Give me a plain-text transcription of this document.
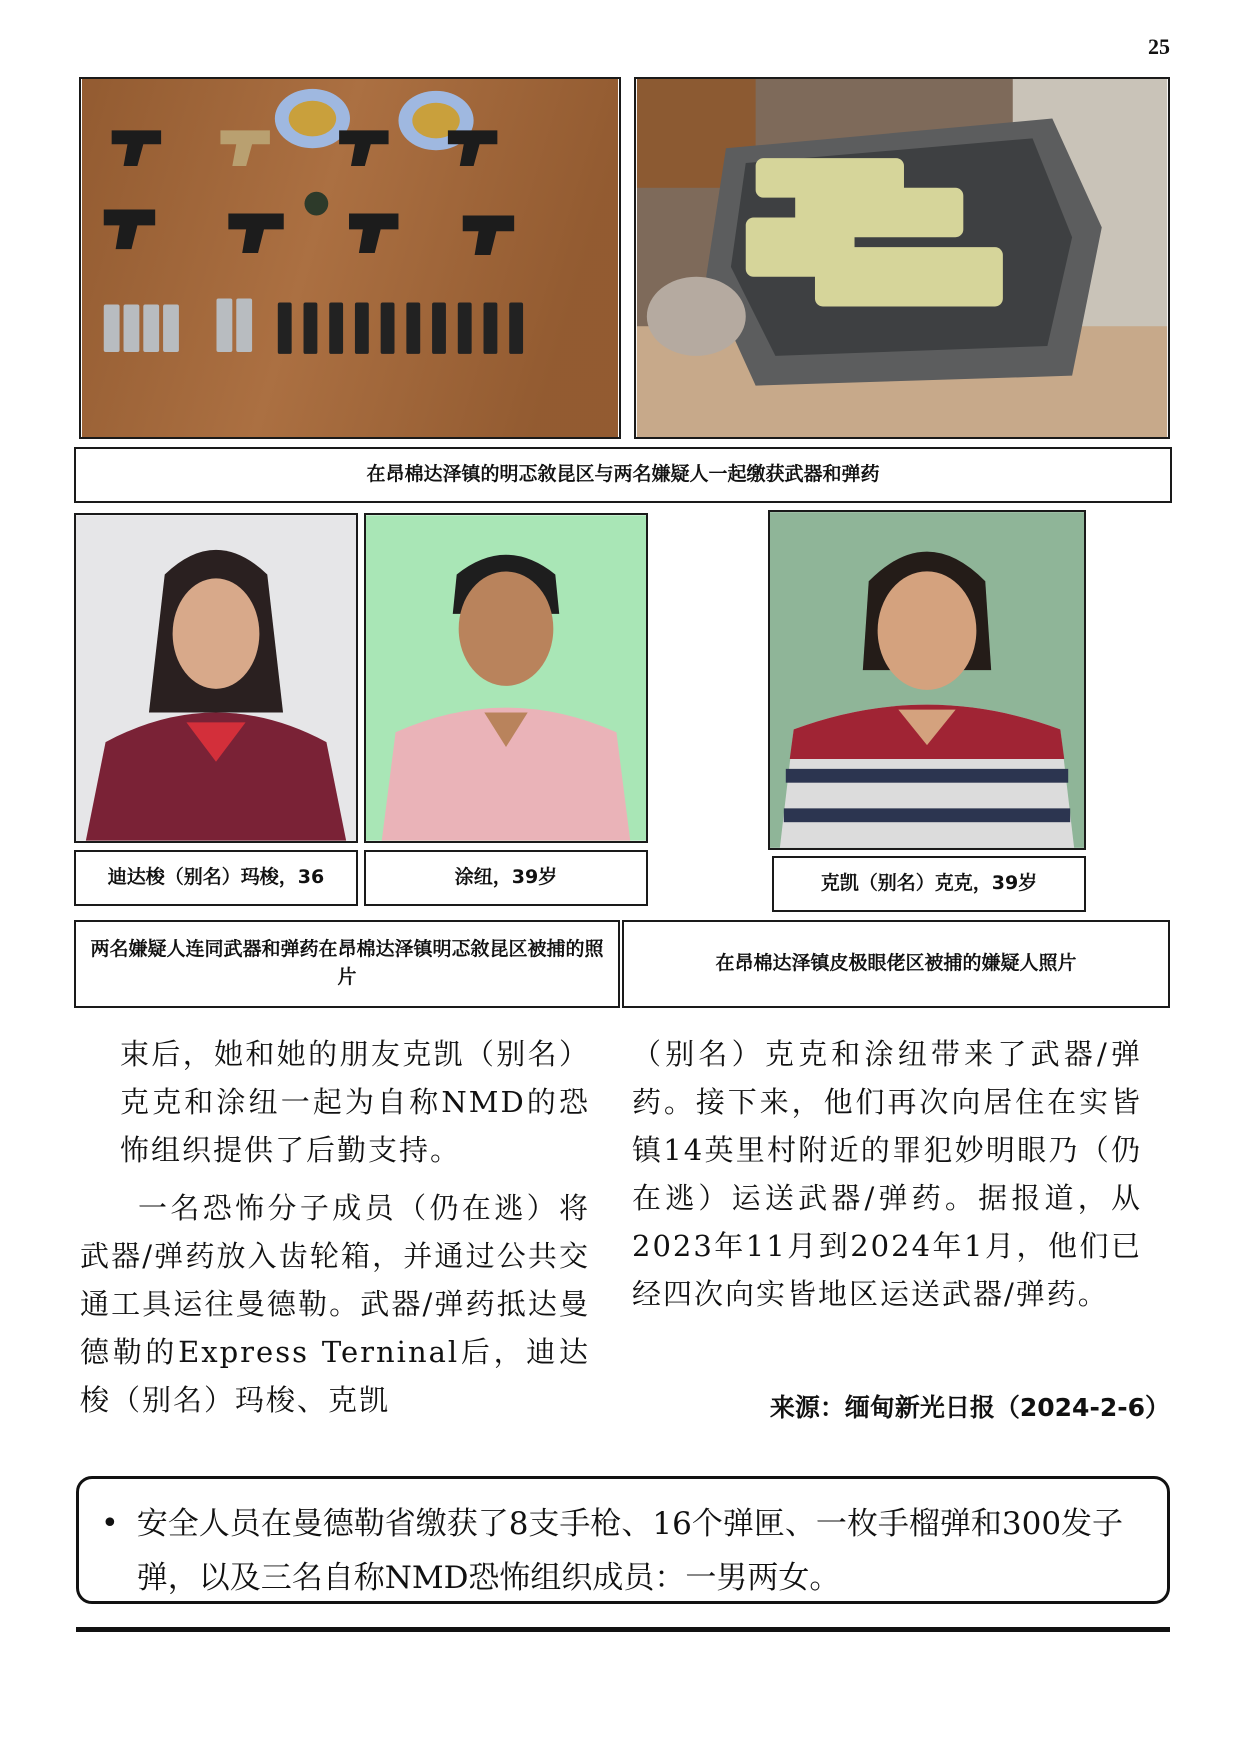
25
在昂棉达泽镇的明忑敘昆区与两名嫌疑人一起缴获武器和弹药
迪达梭（别名）玛梭，36	涂纽，39岁	克凯（别名）克克，39岁
两名嫌疑人连同武器和弹药在昂棉达泽镇明忑敘昆区被捕的照片
在昂棉达泽镇皮极眼佬区被捕的嫌疑人照片

束后，她和她的朋友克凯（别名）克克和涂纽一起为自称NMD的恐怖组织提供了后勤支持。

一名恐怖分子成员（仍在逃）将武器/弹药放入齿轮箱，并通过公共交通工具运往曼德勒。武器/弹药抵达曼德勒的Express Terninal后，迪达梭（别名）玛梭、克凯

（别名）克克和涂纽带来了武器/弹药。接下来，他们再次向居住在实皆镇14英里村附近的罪犯妙明眼乃（仍在逃）运送武器/弹药。据报道，从2023年11月到2024年1月，他们已经四次向实皆地区运送武器/弹药。

来源：缅甸新光日报（2024-2-6）
• 安全人员在曼德勒省缴获了8支手枪、16个弹匣、一枚手榴弹和300发子弹，以及三名自称NMD恐怖组织成员：一男两女。
